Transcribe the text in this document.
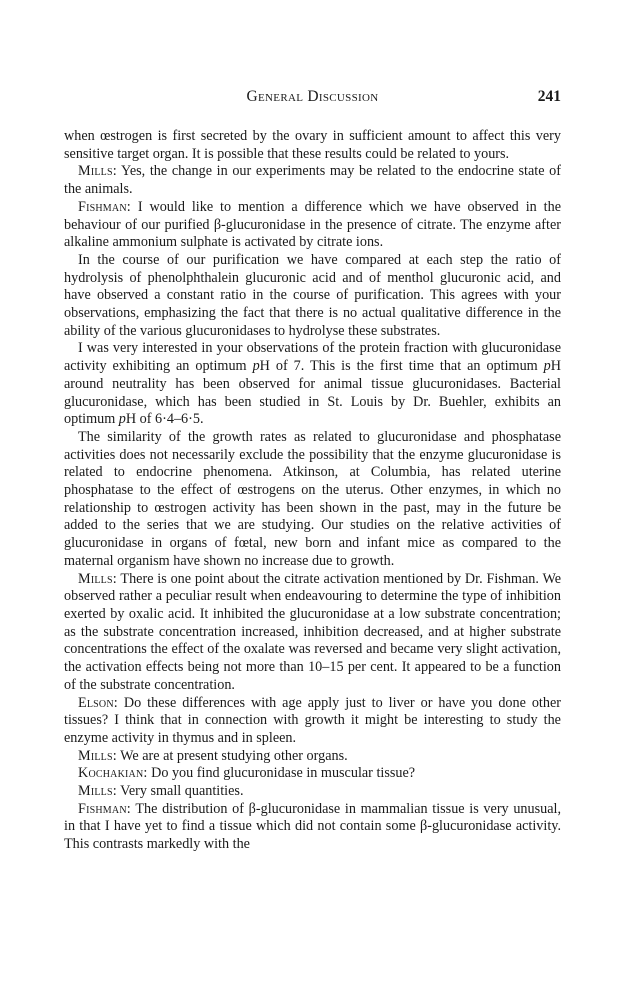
General Discussion	241

when œstrogen is first secreted by the ovary in sufficient amount to affect this very sensitive target organ. It is possible that these results could be related to yours.

Mills: Yes, the change in our experiments may be related to the endocrine state of the animals.

Fishman: I would like to mention a difference which we have observed in the behaviour of our purified β-glucuronidase in the presence of citrate. The enzyme after alkaline ammonium sulphate is activated by citrate ions.

In the course of our purification we have compared at each step the ratio of hydrolysis of phenolphthalein glucuronic acid and of menthol glucuronic acid, and have observed a constant ratio in the course of purification. This agrees with your observations, emphasizing the fact that there is no actual qualitative difference in the ability of the various glucuronidases to hydrolyse these substrates.

I was very interested in your observations of the protein fraction with glucuronidase activity exhibiting an optimum pH of 7. This is the first time that an optimum pH around neutrality has been observed for animal tissue glucuronidases. Bacterial glucuronidase, which has been studied in St. Louis by Dr. Buehler, exhibits an optimum pH of 6·4–6·5.

The similarity of the growth rates as related to glucuronidase and phosphatase activities does not necessarily exclude the possibility that the enzyme glucuronidase is related to endocrine phenomena. Atkinson, at Columbia, has related uterine phosphatase to the effect of œstrogens on the uterus. Other enzymes, in which no relationship to œstrogen activity has been shown in the past, may in the future be added to the series that we are studying. Our studies on the relative activities of glucuronidase in organs of fœtal, new born and infant mice as compared to the maternal organism have shown no increase due to growth.

Mills: There is one point about the citrate activation mentioned by Dr. Fishman. We observed rather a peculiar result when endeavouring to determine the type of inhibition exerted by oxalic acid. It inhibited the glucuronidase at a low substrate concentration; as the substrate concentration increased, inhibition decreased, and at higher substrate concentrations the effect of the oxalate was reversed and became very slight activation, the activation effects being not more than 10–15 per cent. It appeared to be a function of the substrate concentration.

Elson: Do these differences with age apply just to liver or have you done other tissues? I think that in connection with growth it might be interesting to study the enzyme activity in thymus and in spleen.

Mills: We are at present studying other organs.

Kochakian: Do you find glucuronidase in muscular tissue?

Mills: Very small quantities.

Fishman: The distribution of β-glucuronidase in mammalian tissue is very unusual, in that I have yet to find a tissue which did not contain some β-glucuronidase activity. This contrasts markedly with the
